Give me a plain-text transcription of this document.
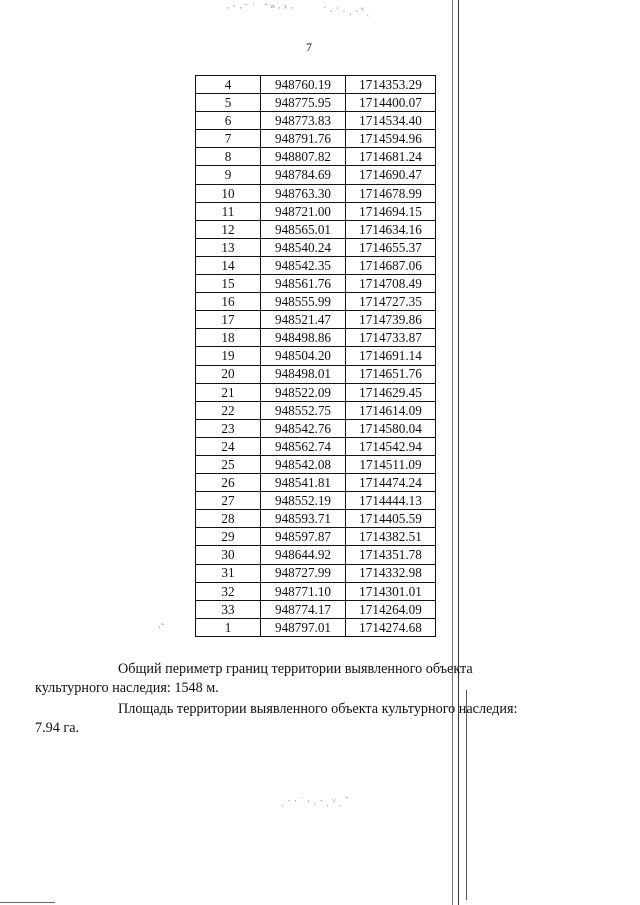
·'·̈ ˙ ˘ʷ·ʸ·	˙·ˈ˗ˌ·˟ˎ
ˎ··˙·ˌ·ˏ˅ˎ˜
·˜
7
4	948760.19	1714353.29
5	948775.95	1714400.07
6	948773.83	1714534.40
7	948791.76	1714594.96
8	948807.82	1714681.24
9	948784.69	1714690.47
10	948763.30	1714678.99
11	948721.00	1714694.15
12	948565.01	1714634.16
13	948540.24	1714655.37
14	948542.35	1714687.06
15	948561.76	1714708.49
16	948555.99	1714727.35
17	948521.47	1714739.86
18	948498.86	1714733.87
19	948504.20	1714691.14
20	948498.01	1714651.76
21	948522.09	1714629.45
22	948552.75	1714614.09
23	948542.76	1714580.04
24	948562.74	1714542.94
25	948542.08	1714511.09
26	948541.81	1714474.24
27	948552.19	1714444.13
28	948593.71	1714405.59
29	948597.87	1714382.51
30	948644.92	1714351.78
31	948727.99	1714332.98
32	948771.10	1714301.01
33	948774.17	1714264.09
1	948797.01	1714274.68
Общий периметр границ территории выявленного объекта
культурного наследия: 1548 м.
Площадь территории выявленного объекта культурного наследия:
7.94 га.
